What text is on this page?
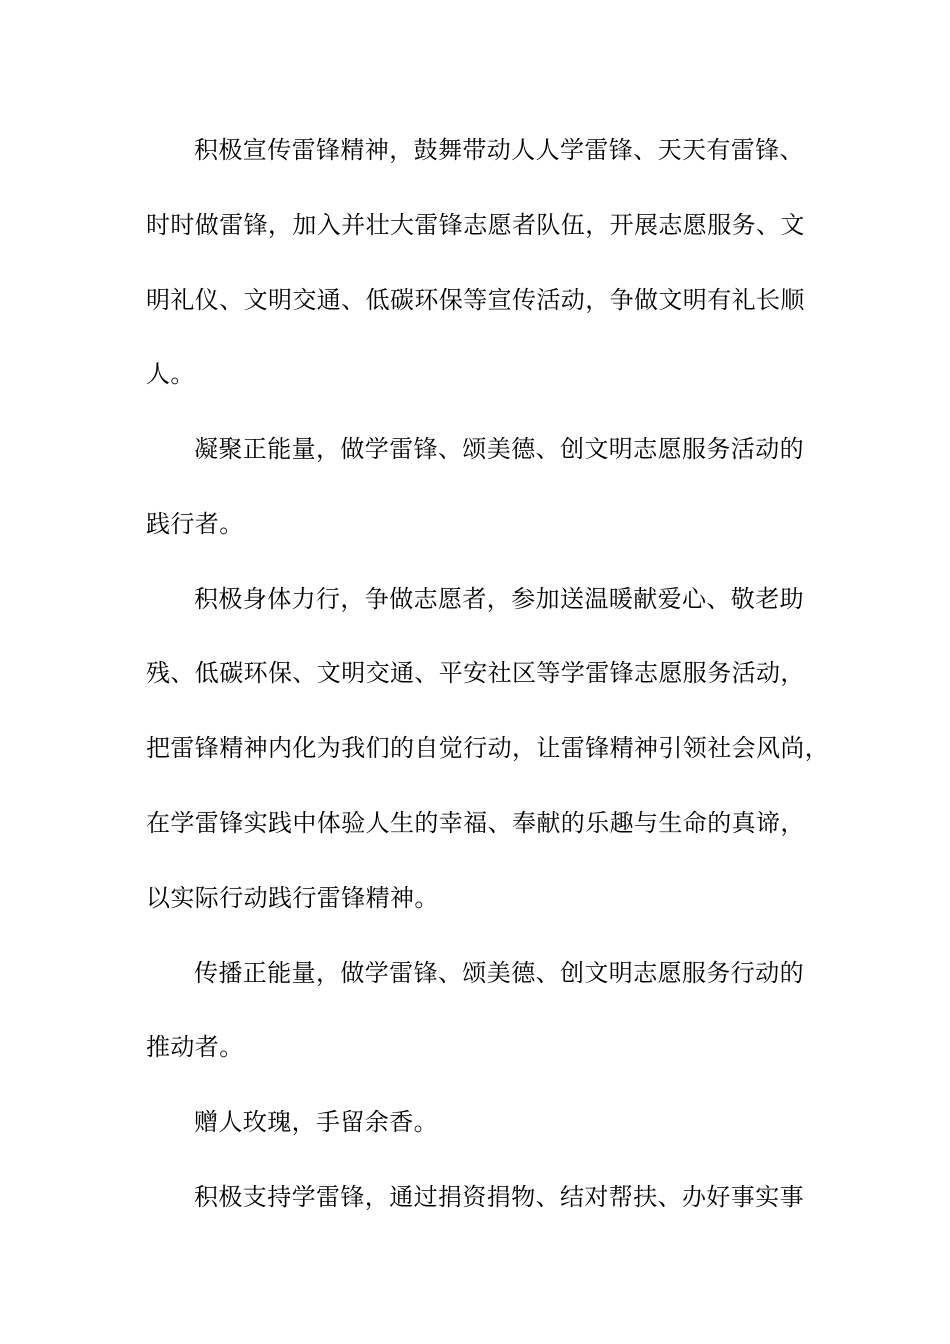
积极宣传雷锋精神，鼓舞带动人人学雷锋、天天有雷锋、
时时做雷锋，加入并壮大雷锋志愿者队伍，开展志愿服务、文
明礼仪、文明交通、低碳环保等宣传活动，争做文明有礼长顺
人。
凝聚正能量，做学雷锋、颂美德、创文明志愿服务活动的
践行者。
积极身体力行，争做志愿者，参加送温暖献爱心、敬老助
残、低碳环保、文明交通、平安社区等学雷锋志愿服务活动，
把雷锋精神内化为我们的自觉行动，让雷锋精神引领社会风尚，
在学雷锋实践中体验人生的幸福、奉献的乐趣与生命的真谛，
以实际行动践行雷锋精神。
传播正能量，做学雷锋、颂美德、创文明志愿服务行动的
推动者。
赠人玫瑰，手留余香。
积极支持学雷锋，通过捐资捐物、结对帮扶、办好事实事
